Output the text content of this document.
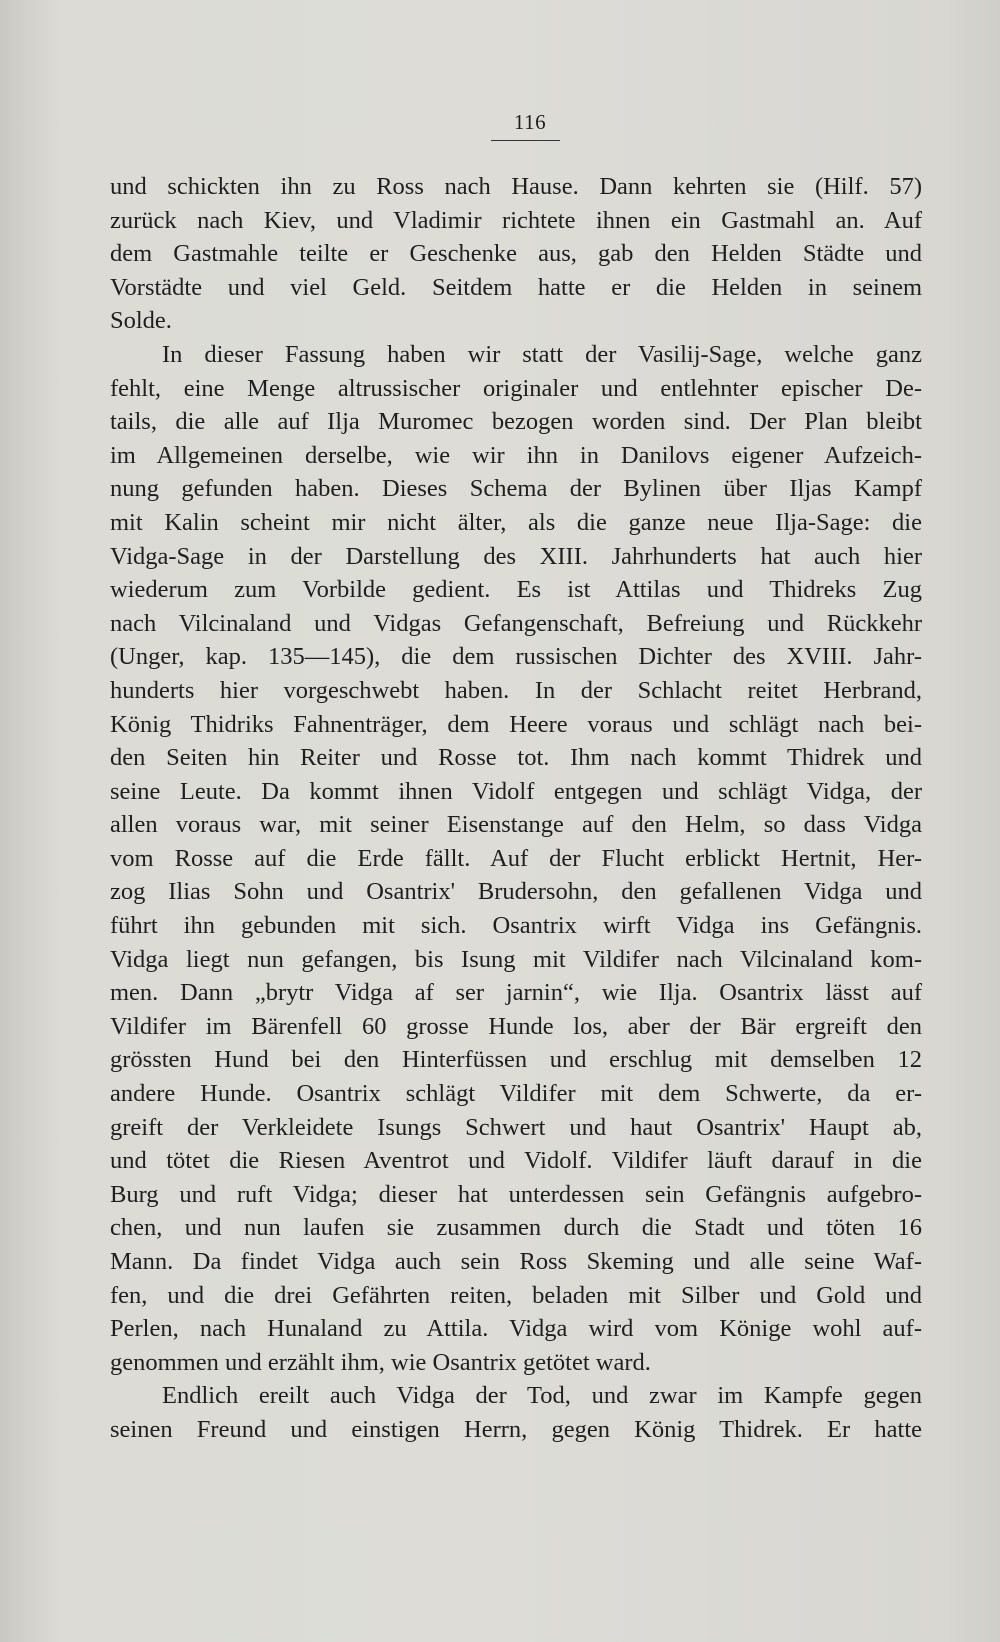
116
und schickten ihn zu Ross nach Hause. Dann kehrten sie (Hilf. 57)
zurück nach Kiev, und Vladimir richtete ihnen ein Gastmahl an. Auf
dem Gastmahle teilte er Geschenke aus, gab den Helden Städte und
Vorstädte und viel Geld. Seitdem hatte er die Helden in seinem
Solde.
In dieser Fassung haben wir statt der Vasilij-Sage, welche ganz
fehlt, eine Menge altrussischer originaler und entlehnter epischer De-
tails, die alle auf Ilja Muromec bezogen worden sind. Der Plan bleibt
im Allgemeinen derselbe, wie wir ihn in Danilovs eigener Aufzeich-
nung gefunden haben. Dieses Schema der Bylinen über Iljas Kampf
mit Kalin scheint mir nicht älter, als die ganze neue Ilja-Sage: die
Vidga-Sage in der Darstellung des XIII. Jahrhunderts hat auch hier
wiederum zum Vorbilde gedient. Es ist Attilas und Thidreks Zug
nach Vilcinaland und Vidgas Gefangenschaft, Befreiung und Rückkehr
(Unger, kap. 135—145), die dem russischen Dichter des XVIII. Jahr-
hunderts hier vorgeschwebt haben. In der Schlacht reitet Herbrand,
König Thidriks Fahnenträger, dem Heere voraus und schlägt nach bei-
den Seiten hin Reiter und Rosse tot. Ihm nach kommt Thidrek und
seine Leute. Da kommt ihnen Vidolf entgegen und schlägt Vidga, der
allen voraus war, mit seiner Eisenstange auf den Helm, so dass Vidga
vom Rosse auf die Erde fällt. Auf der Flucht erblickt Hertnit, Her-
zog Ilias Sohn und Osantrix' Brudersohn, den gefallenen Vidga und
führt ihn gebunden mit sich. Osantrix wirft Vidga ins Gefängnis.
Vidga liegt nun gefangen, bis Isung mit Vildifer nach Vilcinaland kom-
men. Dann „brytr Vidga af ser jarnin“, wie Ilja. Osantrix lässt auf
Vildifer im Bärenfell 60 grosse Hunde los, aber der Bär ergreift den
grössten Hund bei den Hinterfüssen und erschlug mit demselben 12
andere Hunde. Osantrix schlägt Vildifer mit dem Schwerte, da er-
greift der Verkleidete Isungs Schwert und haut Osantrix' Haupt ab,
und tötet die Riesen Aventrot und Vidolf. Vildifer läuft darauf in die
Burg und ruft Vidga; dieser hat unterdessen sein Gefängnis aufgebro-
chen, und nun laufen sie zusammen durch die Stadt und töten 16
Mann. Da findet Vidga auch sein Ross Skeming und alle seine Waf-
fen, und die drei Gefährten reiten, beladen mit Silber und Gold und
Perlen, nach Hunaland zu Attila. Vidga wird vom Könige wohl auf-
genommen und erzählt ihm, wie Osantrix getötet ward.
Endlich ereilt auch Vidga der Tod, und zwar im Kampfe gegen
seinen Freund und einstigen Herrn, gegen König Thidrek. Er hatte
